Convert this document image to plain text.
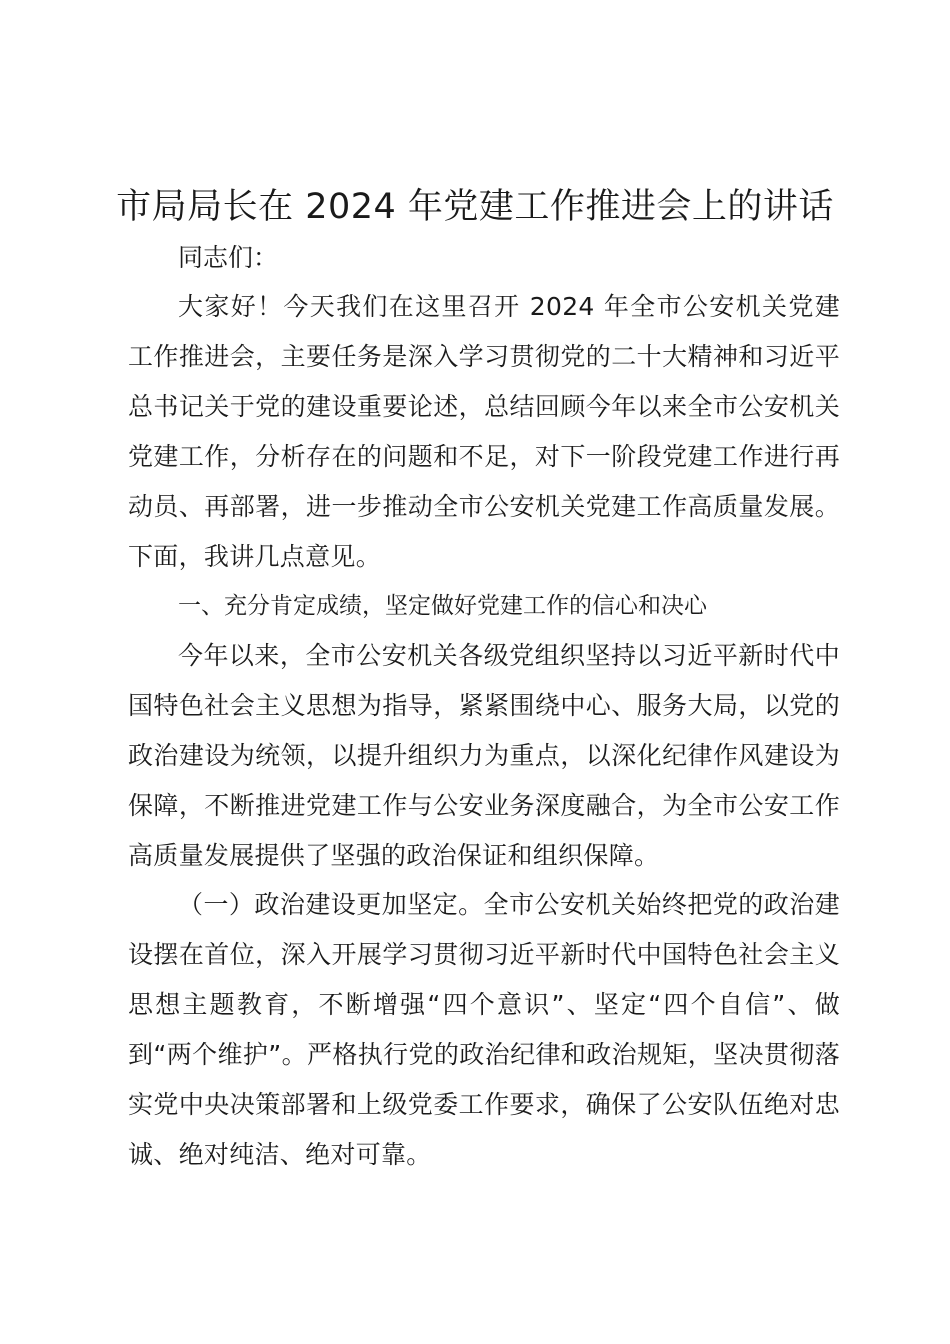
市局局长在 2024 年党建工作推进会上的讲话

同志们：

大家好！今天我们在这里召开 2024 年全市公安机关党建工作推进会，主要任务是深入学习贯彻党的二十大精神和习近平总书记关于党的建设重要论述，总结回顾今年以来全市公安机关党建工作，分析存在的问题和不足，对下一阶段党建工作进行再动员、再部署，进一步推动全市公安机关党建工作高质量发展。下面，我讲几点意见。

一、充分肯定成绩，坚定做好党建工作的信心和决心

今年以来，全市公安机关各级党组织坚持以习近平新时代中国特色社会主义思想为指导，紧紧围绕中心、服务大局，以党的政治建设为统领，以提升组织力为重点，以深化纪律作风建设为保障，不断推进党建工作与公安业务深度融合，为全市公安工作高质量发展提供了坚强的政治保证和组织保障。

（一）政治建设更加坚定。全市公安机关始终把党的政治建设摆在首位，深入开展学习贯彻习近平新时代中国特色社会主义思想主题教育，不断增强“四个意识”、坚定“四个自信”、做到“两个维护”。严格执行党的政治纪律和政治规矩，坚决贯彻落实党中央决策部署和上级党委工作要求，确保了公安队伍绝对忠诚、绝对纯洁、绝对可靠。
